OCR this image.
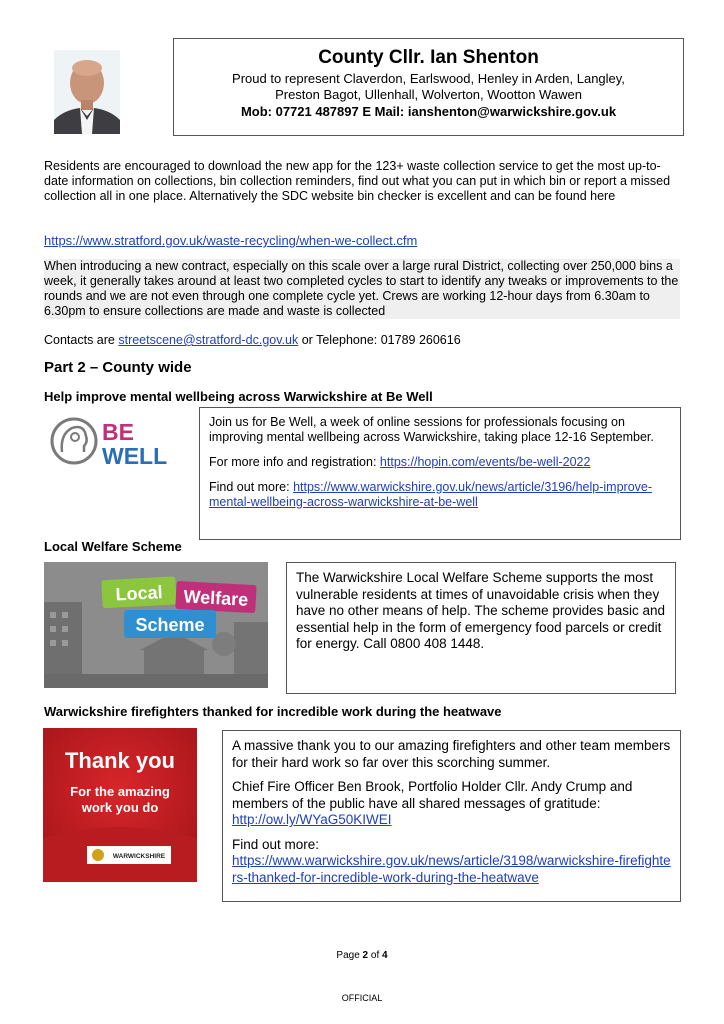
County Cllr. Ian Shenton
Proud to represent Claverdon, Earlswood, Henley in Arden, Langley,
Preston Bagot, Ullenhall, Wolverton, Wootton Wawen
Mob: 07721 487897 E Mail: ianshenton@warwickshire.gov.uk
Residents are encouraged to download the new app for the 123+ waste collection service to get the most up-to-date information on collections, bin collection reminders, find out what you can put in which bin or report a missed collection all in one place. Alternatively the SDC website bin checker is excellent and can be found here
https://www.stratford.gov.uk/waste-recycling/when-we-collect.cfm
When introducing a new contract, especially on this scale over a large rural District, collecting over 250,000 bins a week, it generally takes around at least two completed cycles to start to identify any tweaks or improvements to the rounds and we are not even through one complete cycle yet. Crews are working 12-hour days from 6.30am to 6.30pm to ensure collections are made and waste is collected
Contacts are streetscene@stratford-dc.gov.uk or Telephone: 01789 260616
Part 2 – County wide
Help improve mental wellbeing across Warwickshire at Be Well
BE
WELL
Join us for Be Well, a week of online sessions for professionals focusing on improving mental wellbeing across Warwickshire, taking place 12-16 September.
For more info and registration: https://hopin.com/events/be-well-2022
Find out more: https://www.warwickshire.gov.uk/news/article/3196/help-improve-mental-wellbeing-across-warwickshire-at-be-well
Local Welfare Scheme
Local Welfare
Scheme
The Warwickshire Local Welfare Scheme supports the most vulnerable residents at times of unavoidable crisis when they have no other means of help. The scheme provides basic and essential help in the form of emergency food parcels or credit for energy. Call 0800 408 1448.
Warwickshire firefighters thanked for incredible work during the heatwave
Thank you
For the amazing
work you do
WARWICKSHIRE
A massive thank you to our amazing firefighters and other team members for their hard work so far over this scorching summer.
Chief Fire Officer Ben Brook, Portfolio Holder Cllr. Andy Crump and members of the public have all shared messages of gratitude:
http://ow.ly/WYaG50KIWEI
Find out more:
https://www.warwickshire.gov.uk/news/article/3198/warwickshire-firefighters-thanked-for-incredible-work-during-the-heatwave
Page 2 of 4
OFFICIAL
